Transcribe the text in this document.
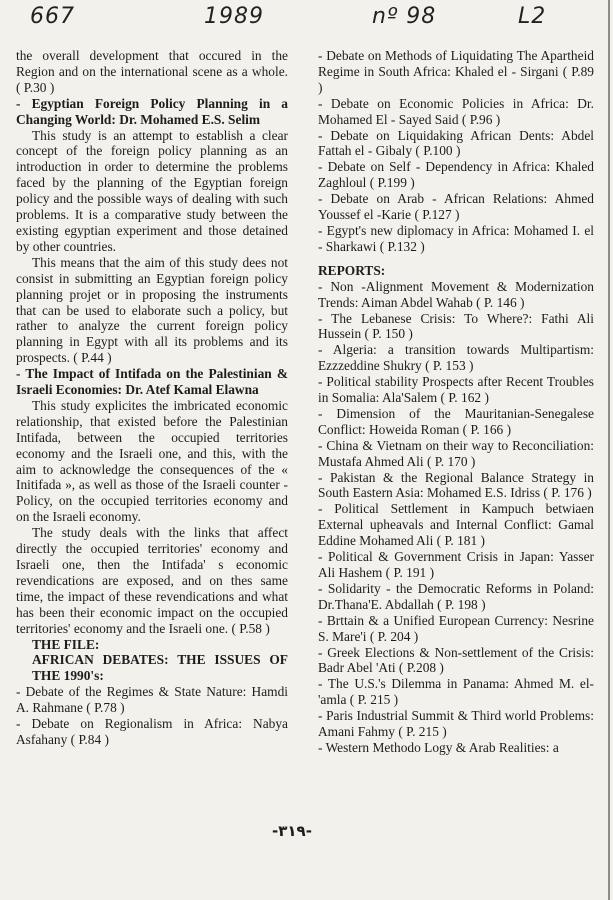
667	1989	nº 98	L2

the overall development that occured in the Region and on the international scene as a whole. ( P.30 )

- Egyptian Foreign Policy Planning in a Changing World: Dr. Mohamed E.S. Selim

This study is an attempt to establish a clear concept of the foreign policy planning as an introduction in order to determine the problems faced by the planning of the Egyptian foreign policy and the possible ways of dealing with such problems. It is a comparative study between the existing egyptian experiment and those detained by other countries.

This means that the aim of this study dees not consist in submitting an Egyptian foreign policy planning projet or in proposing the instruments that can be used to elaborate such a policy, but rather to analyze the current foreign policy planning in Egypt with all its problems and its prospects. ( P.44 )

- The Impact of Intifada on the Palestinian & Israeli Economies: Dr. Atef Kamal Elawna

This study explicites the imbricated economic relationship, that existed before the Palestinian Intifada, between the occupied territories economy and the Israeli one, and this, with the aim to acknowledge the consequences of the « Initifada », as well as those of the Israeli counter - Policy, on the occupied territories economy and on the Israeli economy.

The study deals with the links that affect directly the occupied territories' economy and Israeli one, then the Intifada' s economic revendications are exposed, and on thes same time, the impact of these revendications and what has been their economic impact on the occupied territories' economy and the Israeli one. ( P.58 )

THE FILE:

AFRICAN DEBATES: THE ISSUES OF THE 1990's:

- Debate of the Regimes & State Nature: Hamdi A. Rahmane ( P.78 )

- Debate on Regionalism in Africa: Nabya Asfahany ( P.84 )

- Debate on Methods of Liquidating The Apartheid Regime in South Africa: Khaled el - Sirgani ( P.89 )

- Debate on Economic Policies in Africa: Dr. Mohamed El - Sayed Said ( P.96 )

- Debate on Liquidaking African Dents: Abdel Fattah el - Gibaly ( P.100 )

- Debate on Self - Dependency in Africa: Khaled Zaghloul ( P.199 )

- Debate on Arab - African Relations: Ahmed Youssef el -Karie ( P.127 )

- Egypt's new diplomacy in Africa: Mohamed I. el - Sharkawi ( P.132 )

REPORTS:

- Non -Alignment Movement & Modernization Trends: Aiman Abdel Wahab ( P. 146 )

- The Lebanese Crisis: To Where?: Fathi Ali Hussein ( P. 150 )

- Algeria: a transition towards Multipartism: Ezzzeddine Shukry ( P. 153 )

- Political stability Prospects after Recent Troubles in Somalia: Ala'Salem ( P. 162 )

- Dimension of the Mauritanian-Senegalese Conflict: Howeida Roman ( P. 166 )

- China & Vietnam on their way to Reconciliation: Mustafa Ahmed Ali ( P. 170 )

- Pakistan & the Regional Balance Strategy in South Eastern Asia: Mohamed E.S. Idriss ( P. 176 )

- Political Settlement in Kampuch betwiaen External upheavals and Internal Conflict: Gamal Eddine Mohamed Ali ( P. 181 )

- Political & Government Crisis in Japan: Yasser Ali Hashem ( P. 191 )

- Solidarity - the Democratic Reforms in Poland: Dr.Thana'E. Abdallah ( P. 198 )

- Brttain & a Unified European Currency: Nesrine S. Mare'i ( P. 204 )

- Greek Elections & Non-settlement of the Crisis: Badr Abel 'Ati ( P.208 )

- The U.S.'s Dilemma in Panama: Ahmed M. el-'amla ( P. 215 )

- Paris Industrial Summit & Third world Problems: Amani Fahmy ( P. 215 )

- Western Methodo Logy & Arab Realities: a

-٣١٩-
